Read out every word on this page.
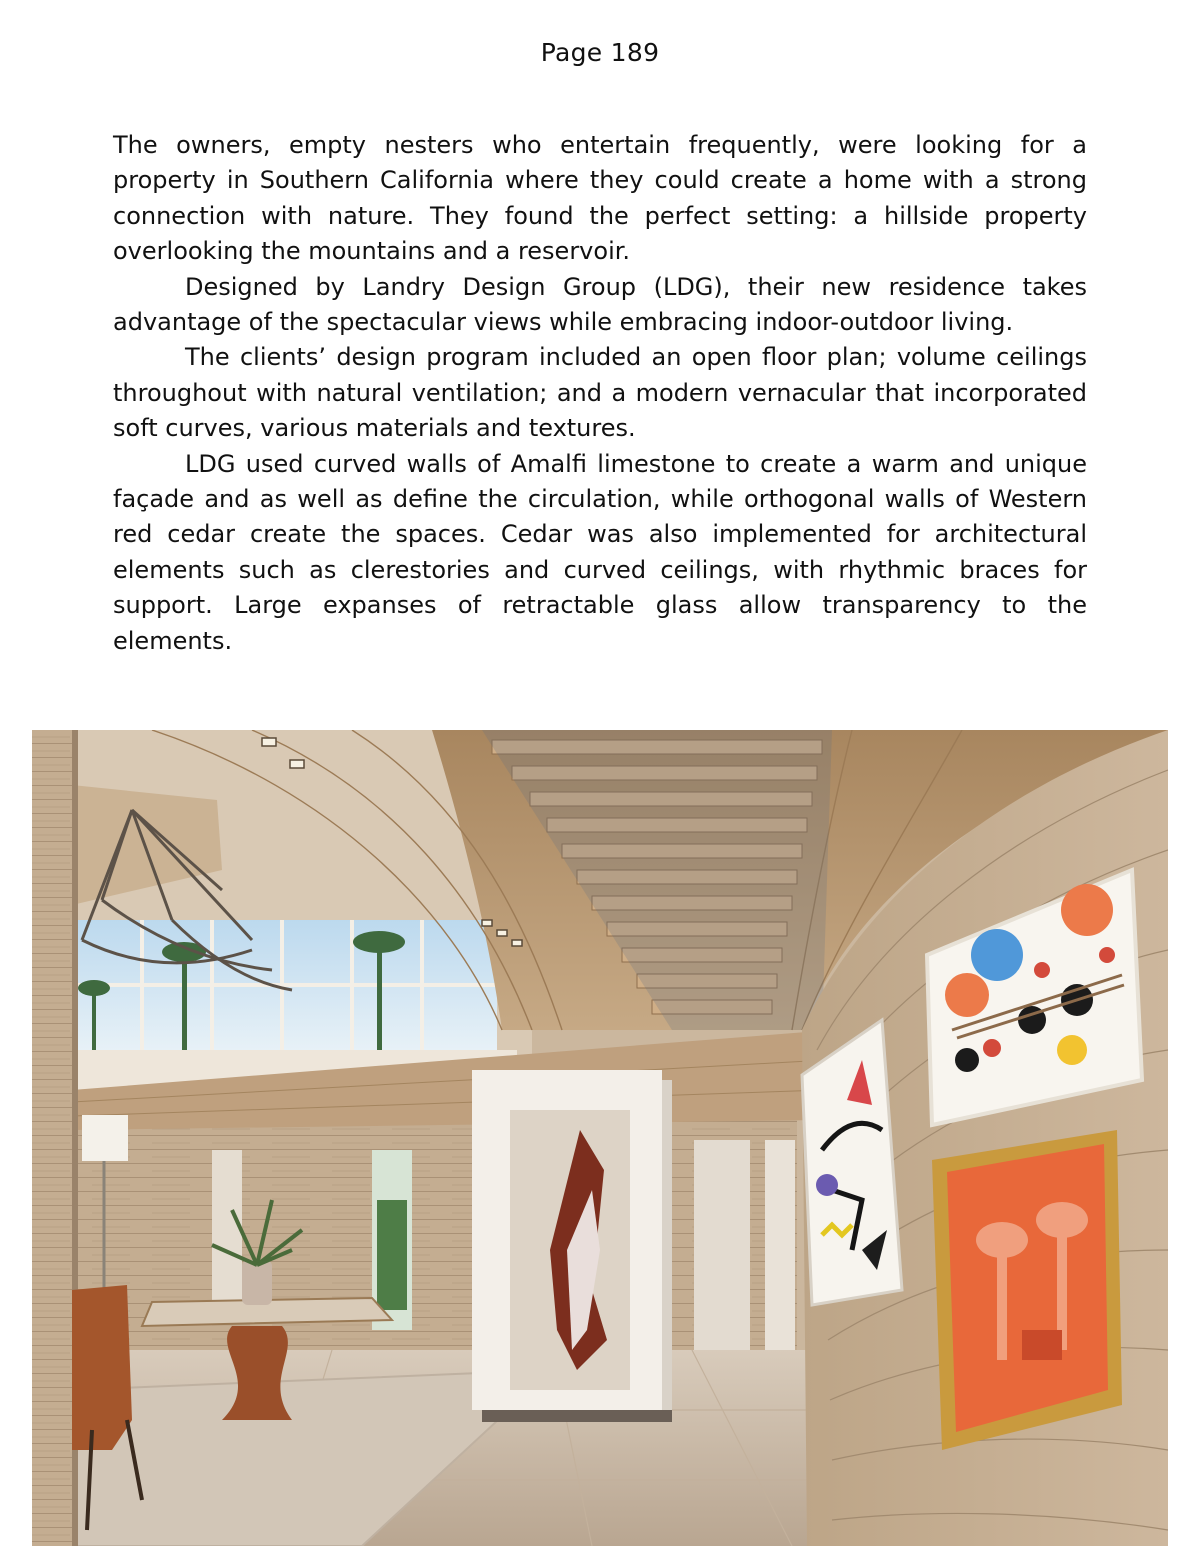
Page 189

The owners, empty nesters who entertain frequently, were looking for a property in Southern California where they could create a home with a strong connection with nature. They found the perfect setting: a hillside property overlooking the mountains and a reservoir.

Designed by Landry Design Group (LDG), their new residence takes advantage of the spectacular views while embracing indoor-outdoor living.

The clients’ design program included an open floor plan; volume ceilings throughout with natural ventilation; and a modern vernacular that incorporated soft curves, various materials and textures.

LDG used curved walls of Amalfi limestone to create a warm and unique façade and as well as define the circulation, while orthogonal walls of Western red cedar create the spaces. Cedar was also implemented for architectural elements such as clerestories and curved ceilings, with rhythmic braces for support. Large expanses of retractable glass allow transparency to the elements.
